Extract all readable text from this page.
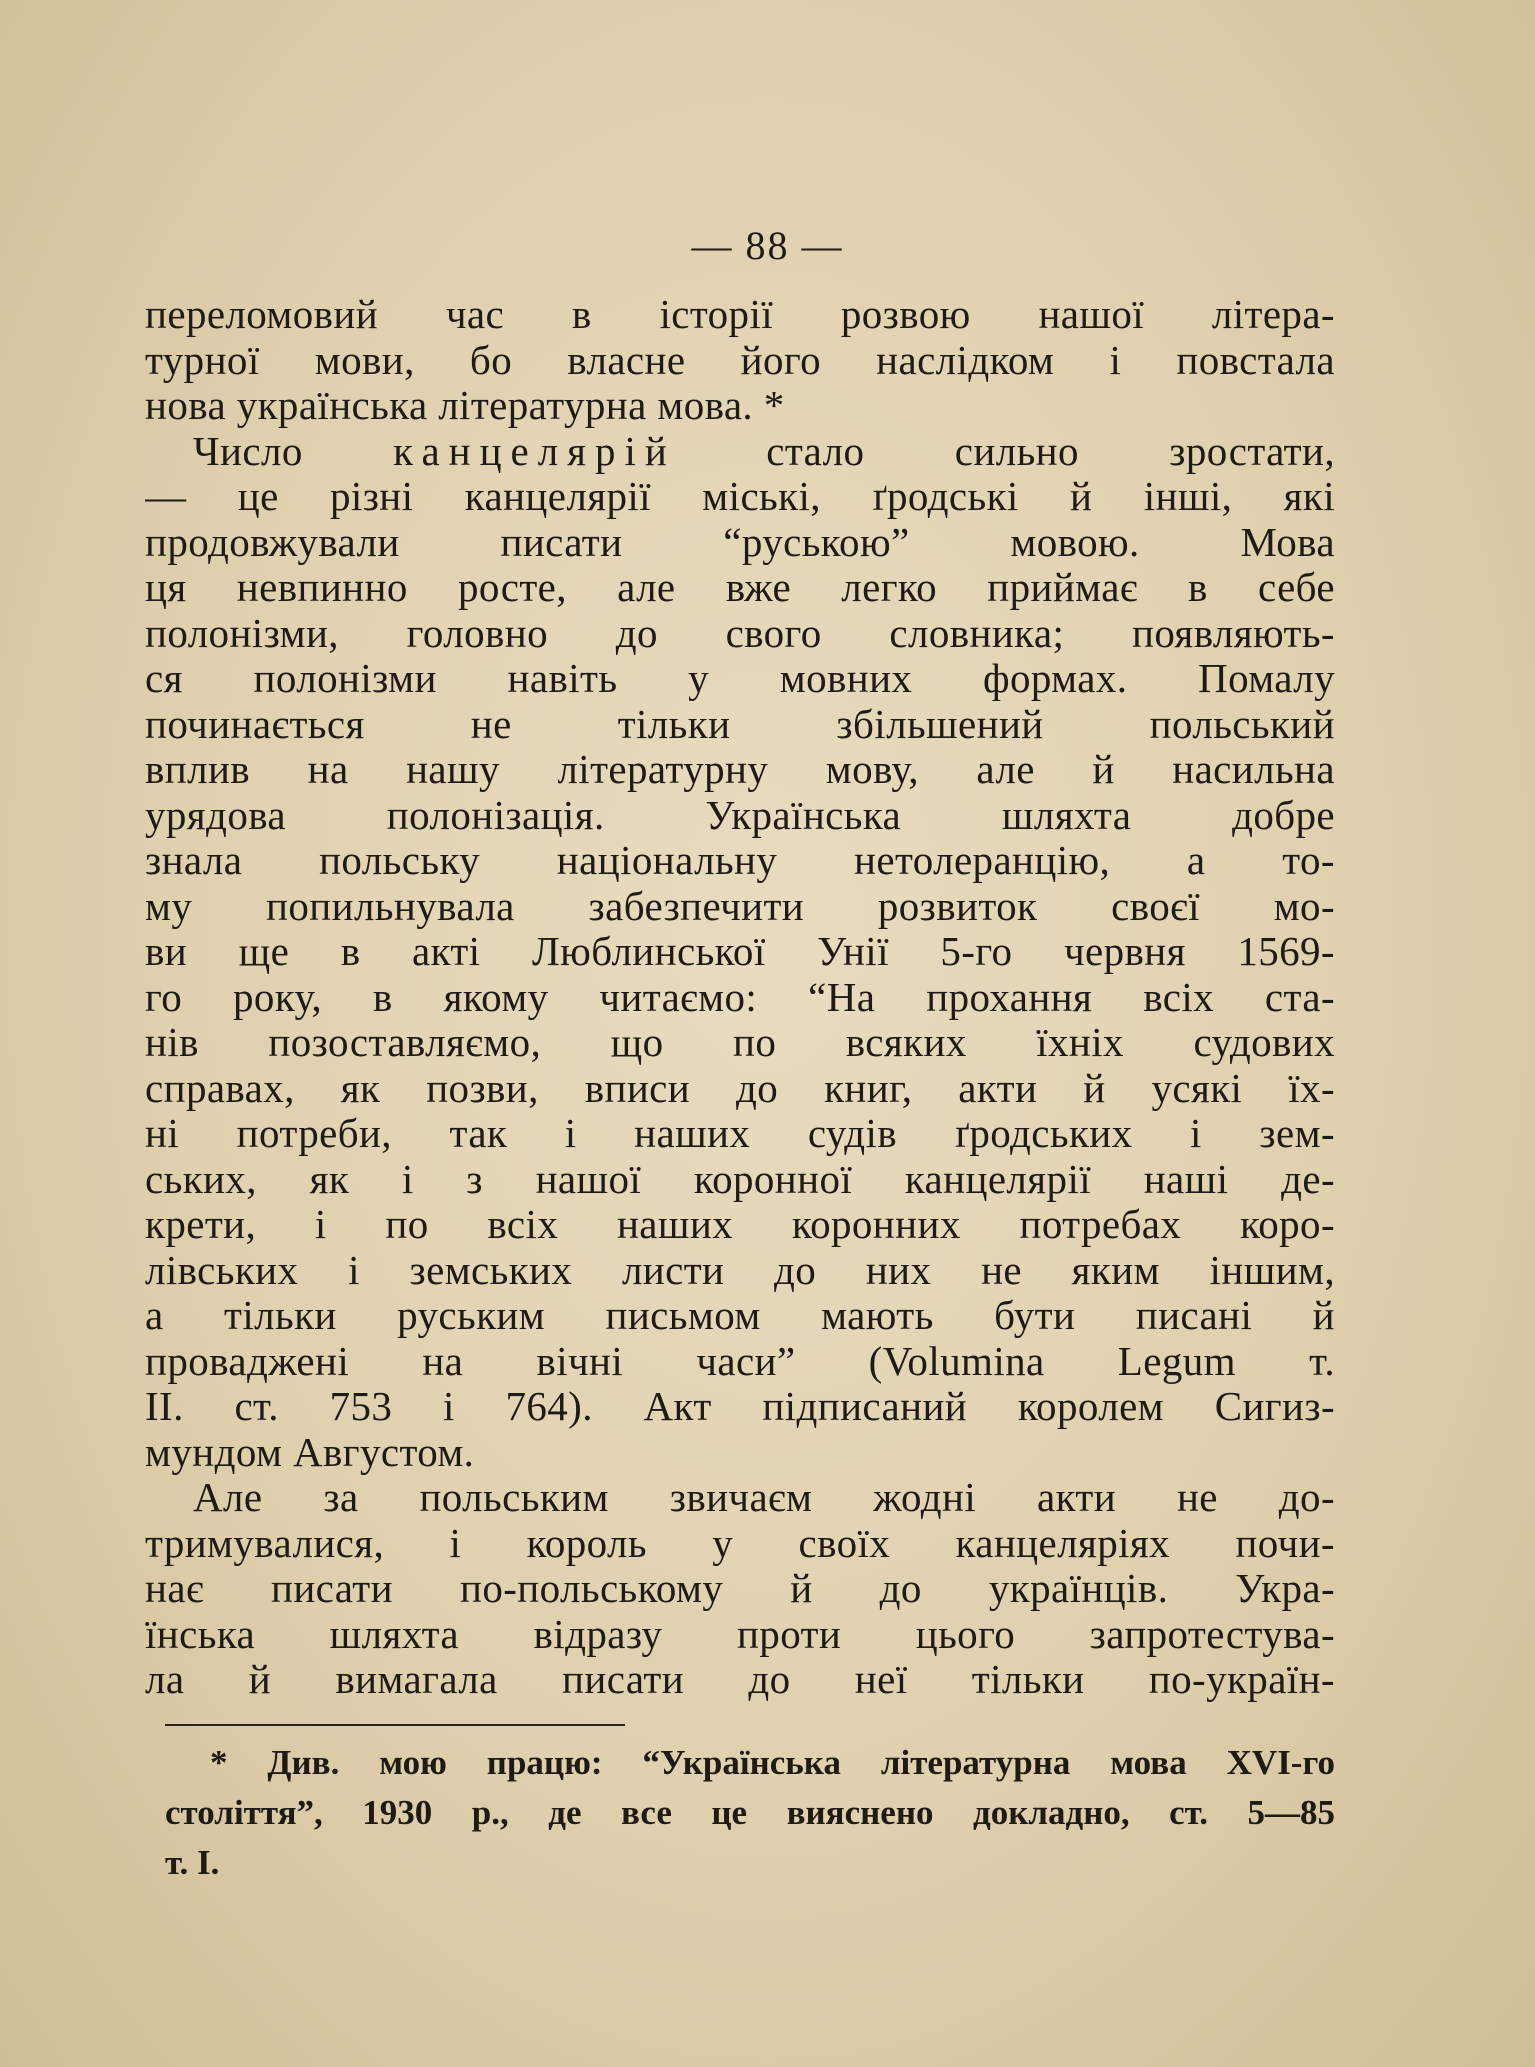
— 88 —
переломовий час в історії розвою нашої літера-
турної мови, бо власне його наслідком і повстала
нова українська літературна мова. *
Число канцелярій стало сильно зростати,
— це різні канцелярії міські, ґродські й інші, які
продовжували писати “руською” мовою. Мова
ця невпинно росте, але вже легко приймає в себе
полонізми, головно до свого словника; появляють-
ся полонізми навіть у мовних формах. Помалу
починається не тільки збільшений польський
вплив на нашу літературну мову, але й насильна
урядова полонізація. Українська шляхта добре
знала польську національну нетолеранцію, а то-
му попильнувала забезпечити розвиток своєї мо-
ви ще в акті Люблинської Унії 5-го червня 1569-
го року, в якому читаємо: “На прохання всіх ста-
нів позоставляємо, що по всяких їхніх судових
справах, як позви, вписи до книг, акти й усякі їх-
ні потреби, так і наших судів ґродських і зем-
ських, як і з нашої коронної канцелярії наші де-
крети, і по всіх наших коронних потребах коро-
лівських і земських листи до них не яким іншим,
а тільки руським письмом мають бути писані й
проваджені на вічні часи” (Volumina Legum т.
II. ст. 753 і 764). Акт підписаний королем Сигиз-
мундом Августом.
Але за польським звичаєм жодні акти не до-
тримувалися, і король у своїх канцеляріях почи-
нає писати по-польському й до українців. Укра-
їнська шляхта відразу проти цього запротестува-
ла й вимагала писати до неї тільки по-україн-
* Див. мою працю: “Українська літературна мова XVI-го
століття”, 1930 р., де все це вияснено докладно, ст. 5—85
т. I.
